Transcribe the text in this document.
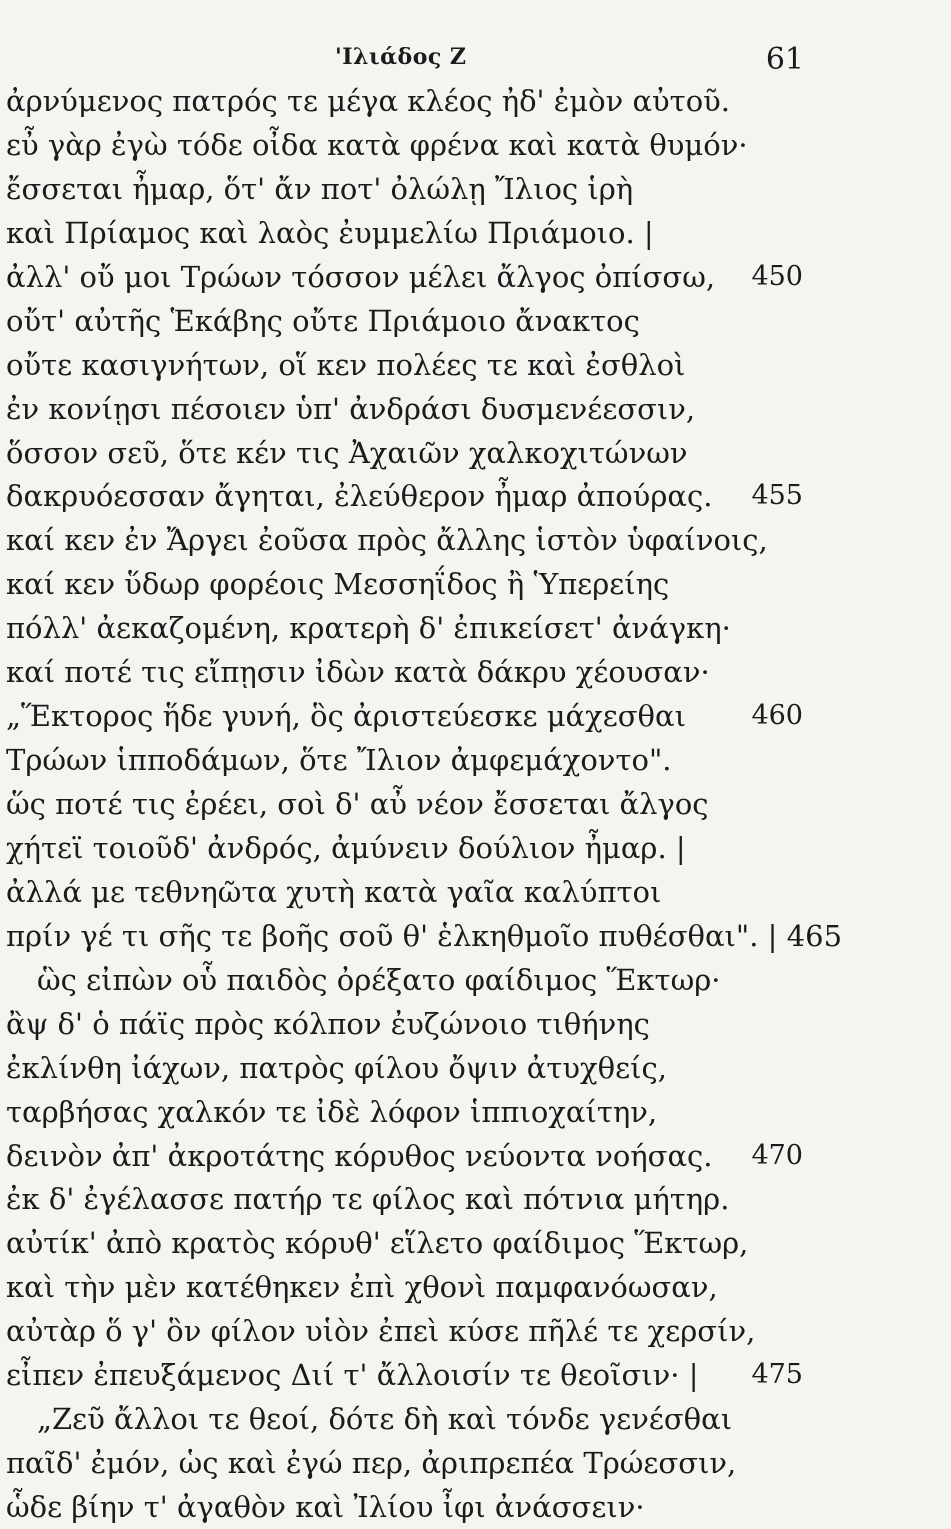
'Ιλιάδος Ζ	61
ἀρνύμενος πατρός τε μέγα κλέος ἠδ' ἐμὸν αὐτοῦ.
εὖ γὰρ ἐγὼ τόδε οἶδα κατὰ φρένα καὶ κατὰ θυμόν·
ἔσσεται ἦμαρ, ὅτ' ἄν ποτ' ὀλώλῃ Ἴλιος ἱρὴ
καὶ Πρίαμος καὶ λαὸς ἐυμμελίω Πριάμοιο. |
ἀλλ' οὔ μοι Τρώων τόσσον μέλει ἄλγος ὀπίσσω, 450
οὔτ' αὐτῆς Ἑκάβης οὔτε Πριάμοιο ἄνακτος
οὔτε κασιγνήτων, οἵ κεν πολέες τε καὶ ἐσθλοὶ
ἐν κονίῃσι πέσοιεν ὑπ' ἀνδράσι δυσμενέεσσιν,
ὅσσον σεῦ, ὅτε κέν τις Ἀχαιῶν χαλκοχιτώνων
δακρυόεσσαν ἄγηται, ἐλεύθερον ἦμαρ ἀπούρας. 455
καί κεν ἐν Ἄργει ἐοῦσα πρὸς ἄλλης ἱστὸν ὑφαίνοις,
καί κεν ὕδωρ φορέοις Μεσσηΐδος ἢ Ὑπερείης
πόλλ' ἀεκαζομένη, κρατερὴ δ' ἐπικείσετ' ἀνάγκη·
καί ποτέ τις εἴπῃσιν ἰδὼν κατὰ δάκρυ χέουσαν·
„Ἕκτορος ἥδε γυνή, ὃς ἀριστεύεσκε μάχεσθαι 460
Τρώων ἱπποδάμων, ὅτε Ἴλιον ἀμφεμάχοντο".
ὥς ποτέ τις ἐρέει, σοὶ δ' αὖ νέον ἔσσεται ἄλγος
χήτεϊ τοιοῦδ' ἀνδρός, ἀμύνειν δούλιον ἦμαρ. |
ἀλλά με τεθνηῶτα χυτὴ κατὰ γαῖα καλύπτοι
πρίν γέ τι σῆς τε βοῆς σοῦ θ' ἑλκηθμοῖο πυθέσθαι". | 465
ὣς εἰπὼν οὗ παιδὸς ὀρέξατο φαίδιμος Ἕκτωρ·
ἂψ δ' ὁ πάϊς πρὸς κόλπον ἐυζώνοιο τιθήνης
ἐκλίνθη ἰάχων, πατρὸς φίλου ὄψιν ἀτυχθείς,
ταρβήσας χαλκόν τε ἰδὲ λόφον ἱππιοχαίτην,
δεινὸν ἀπ' ἀκροτάτης κόρυθος νεύοντα νοήσας. 470
ἐκ δ' ἐγέλασσε πατήρ τε φίλος καὶ πότνια μήτηρ.
αὐτίκ' ἀπὸ κρατὸς κόρυθ' εἵλετο φαίδιμος Ἕκτωρ,
καὶ τὴν μὲν κατέθηκεν ἐπὶ χθονὶ παμφανόωσαν,
αὐτὰρ ὅ γ' ὃν φίλον υἱὸν ἐπεὶ κύσε πῆλέ τε χερσίν,
εἶπεν ἐπευξάμενος Διί τ' ἄλλοισίν τε θεοῖσιν· | 475
„Ζεῦ ἄλλοι τε θεοί, δότε δὴ καὶ τόνδε γενέσθαι
παῖδ' ἐμόν, ὡς καὶ ἐγώ περ, ἀριπρεπέα Τρώεσσιν,
ὧδε βίην τ' ἀγαθὸν καὶ Ἰλίου ἶφι ἀνάσσειν·
